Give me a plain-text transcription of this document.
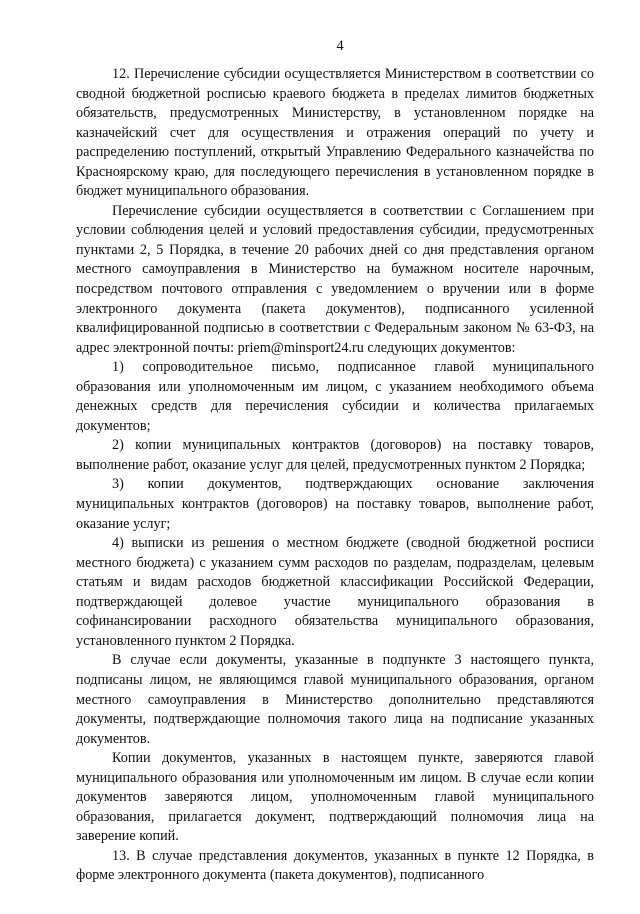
4

12. Перечисление субсидии осуществляется Министерством в соответствии со сводной бюджетной росписью краевого бюджета в пределах лимитов бюджетных обязательств, предусмотренных Министерству, в установленном порядке на казначейский счет для осуществления и отражения операций по учету и распределению поступлений, открытый Управлению Федерального казначейства по Красноярскому краю, для последующего перечисления в установленном порядке в бюджет муниципального образования.

Перечисление субсидии осуществляется в соответствии с Соглашением при условии соблюдения целей и условий предоставления субсидии, предусмотренных пунктами 2, 5 Порядка, в течение 20 рабочих дней со дня представления органом местного самоуправления в Министерство на бумажном носителе нарочным, посредством почтового отправления с уведомлением о вручении или в форме электронного документа (пакета документов), подписанного усиленной квалифицированной подписью в соответствии с Федеральным законом № 63-ФЗ, на адрес электронной почты: priem@minsport24.ru следующих документов:

1) сопроводительное письмо, подписанное главой муниципального образования или уполномоченным им лицом, с указанием необходимого объема денежных средств для перечисления субсидии и количества прилагаемых документов;

2) копии муниципальных контрактов (договоров) на поставку товаров, выполнение работ, оказание услуг для целей, предусмотренных пунктом 2 Порядка;

3) копии документов, подтверждающих основание заключения муниципальных контрактов (договоров) на поставку товаров, выполнение работ, оказание услуг;

4) выписки из решения о местном бюджете (сводной бюджетной росписи местного бюджета) с указанием сумм расходов по разделам, подразделам, целевым статьям и видам расходов бюджетной классификации Российской Федерации, подтверждающей долевое участие муниципального образования в софинансировании расходного обязательства муниципального образования, установленного пунктом 2 Порядка.

В случае если документы, указанные в подпункте 3 настоящего пункта, подписаны лицом, не являющимся главой муниципального образования, органом местного самоуправления в Министерство дополнительно представляются документы, подтверждающие полномочия такого лица на подписание указанных документов.

Копии документов, указанных в настоящем пункте, заверяются главой муниципального образования или уполномоченным им лицом. В случае если копии документов заверяются лицом, уполномоченным главой муниципального образования, прилагается документ, подтверждающий полномочия лица на заверение копий.

13. В случае представления документов, указанных в пункте 12 Порядка, в форме электронного документа (пакета документов), подписанного
